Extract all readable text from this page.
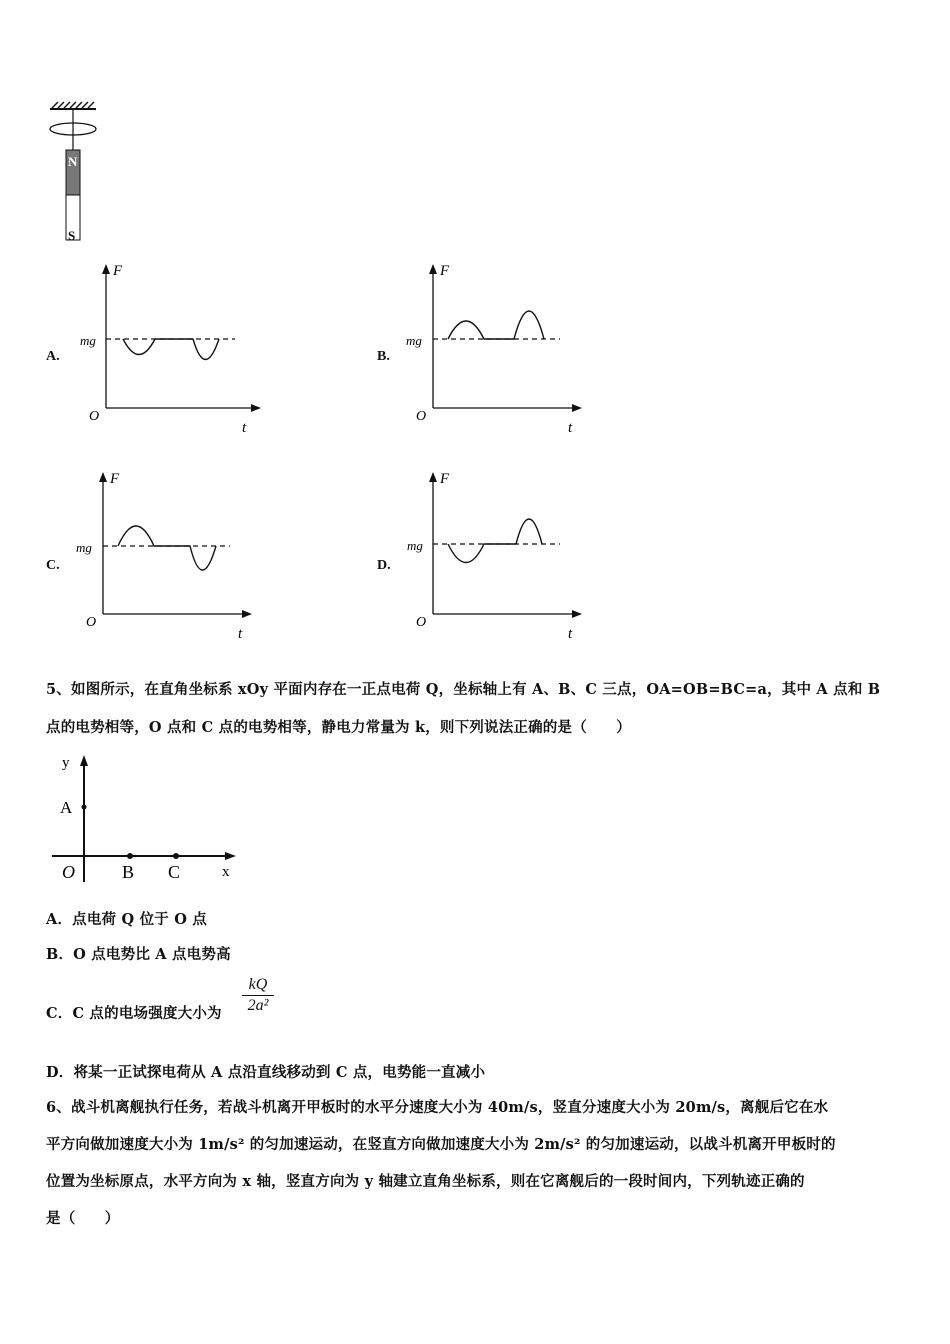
N
S
A.
F
mg
O
t
B.
F
mg
O
t
C.
F
mg
O
t
D.
F
mg
O
t
5、如图所示，在直角坐标系 xOy 平面内存在一正点电荷 Q，坐标轴上有 A、B、C 三点，OA=OB=BC=a，其中 A 点和 B
点的电势相等，O 点和 C 点的电势相等，静电力常量为 k，则下列说法正确的是（　　）
y
A
O	B C	x
A．点电荷 Q 位于 O 点
B．O 点电势比 A 点电势高
C．C 点的电场强度大小为
kQ
2a²
D．将某一正试探电荷从 A 点沿直线移动到 C 点，电势能一直减小
6、战斗机离舰执行任务，若战斗机离开甲板时的水平分速度大小为 40m/s，竖直分速度大小为 20m/s，离舰后它在水
平方向做加速度大小为 1m/s² 的匀加速运动，在竖直方向做加速度大小为 2m/s² 的匀加速运动，以战斗机离开甲板时的
位置为坐标原点，水平方向为 x 轴，竖直方向为 y 轴建立直角坐标系，则在它离舰后的一段时间内，下列轨迹正确的
是（　　）
